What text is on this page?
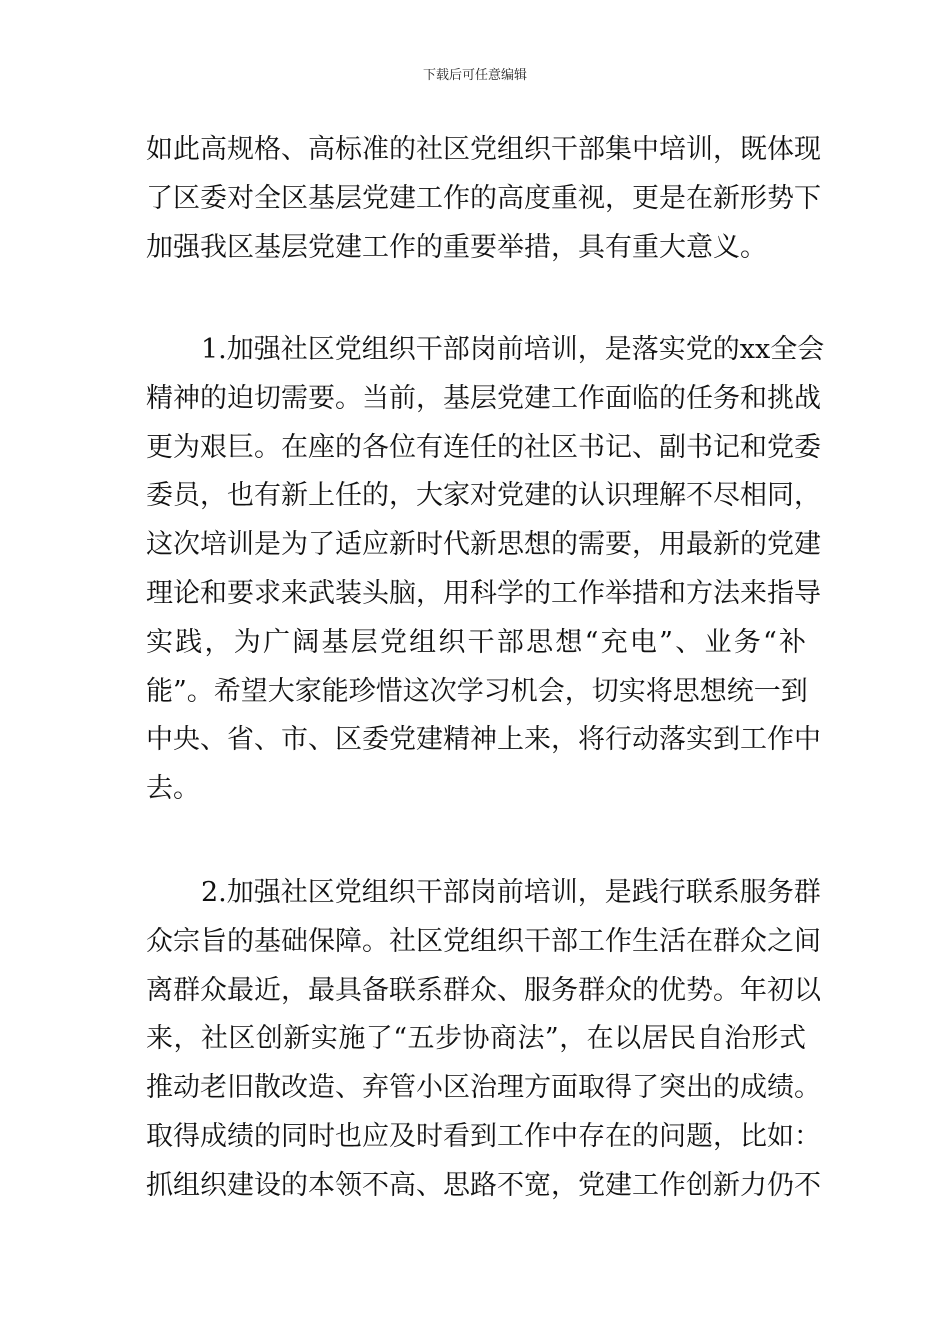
下载后可任意编辑
如此高规格、高标准的社区党组织干部集中培训，既体现
了区委对全区基层党建工作的高度重视，更是在新形势下
加强我区基层党建工作的重要举措，具有重大意义。
1.加强社区党组织干部岗前培训，是落实党的xx全会
精神的迫切需要。当前，基层党建工作面临的任务和挑战
更为艰巨。在座的各位有连任的社区书记、副书记和党委
委员，也有新上任的，大家对党建的认识理解不尽相同，
这次培训是为了适应新时代新思想的需要，用最新的党建
理论和要求来武装头脑，用科学的工作举措和方法来指导
实践，为广阔基层党组织干部思想“充电”、业务“补
能”。希望大家能珍惜这次学习机会，切实将思想统一到
中央、省、市、区委党建精神上来，将行动落实到工作中
去。
2.加强社区党组织干部岗前培训，是践行联系服务群
众宗旨的基础保障。社区党组织干部工作生活在群众之间
离群众最近，最具备联系群众、服务群众的优势。年初以
来，社区创新实施了“五步协商法”，在以居民自治形式
推动老旧散改造、弃管小区治理方面取得了突出的成绩。
取得成绩的同时也应及时看到工作中存在的问题，比如：
抓组织建设的本领不高、思路不宽，党建工作创新力仍不
